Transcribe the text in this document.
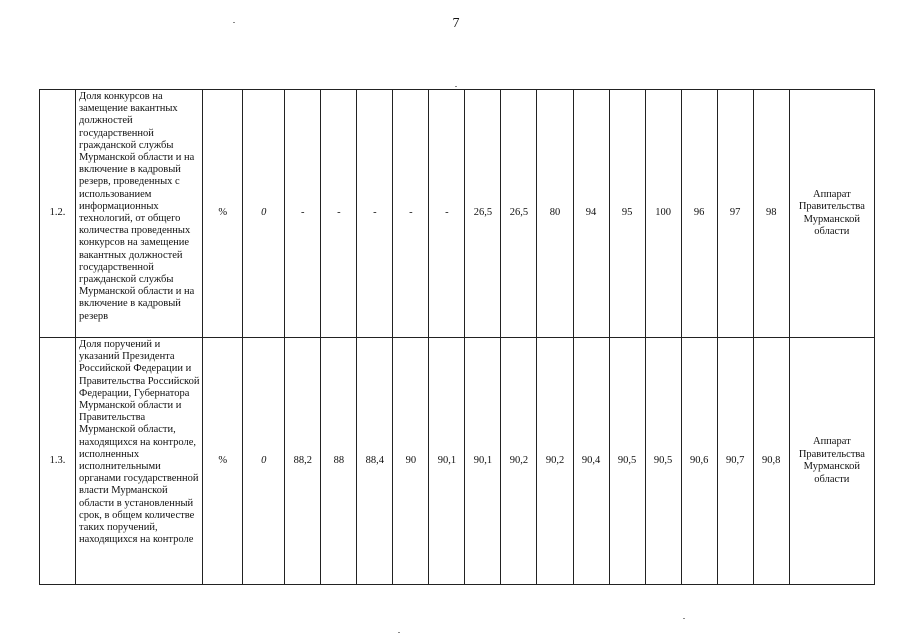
7
1.2.	Доля конкурсов на замещение вакантных должностей государственной гражданской службы Мурманской области и на включение в кадровый резерв, проведенных с использованием информационных технологий, от общего количества проведенных конкурсов на замещение вакантных должностей государственной гражданской службы Мурманской области и на включение в кадровый резерв	%	0	-	-	-	-	-	26,5	26,5	80	94	95	100	96	97	98	Аппарат Правительства Мурманской области
1.3.	Доля поручений и указаний Президента Российской Федерации и Правительства Российской Федерации, Губернатора Мурманской области и Правительства Мурманской области, находящихся на контроле, исполненных исполнительными органами государственной власти Мурманской области в установленный срок, в общем количестве таких поручений, находящихся на контроле	%	0	88,2	88	88,4	90	90,1	90,1	90,2	90,2	90,4	90,5	90,5	90,6	90,7	90,8	Аппарат Правительства Мурманской области
